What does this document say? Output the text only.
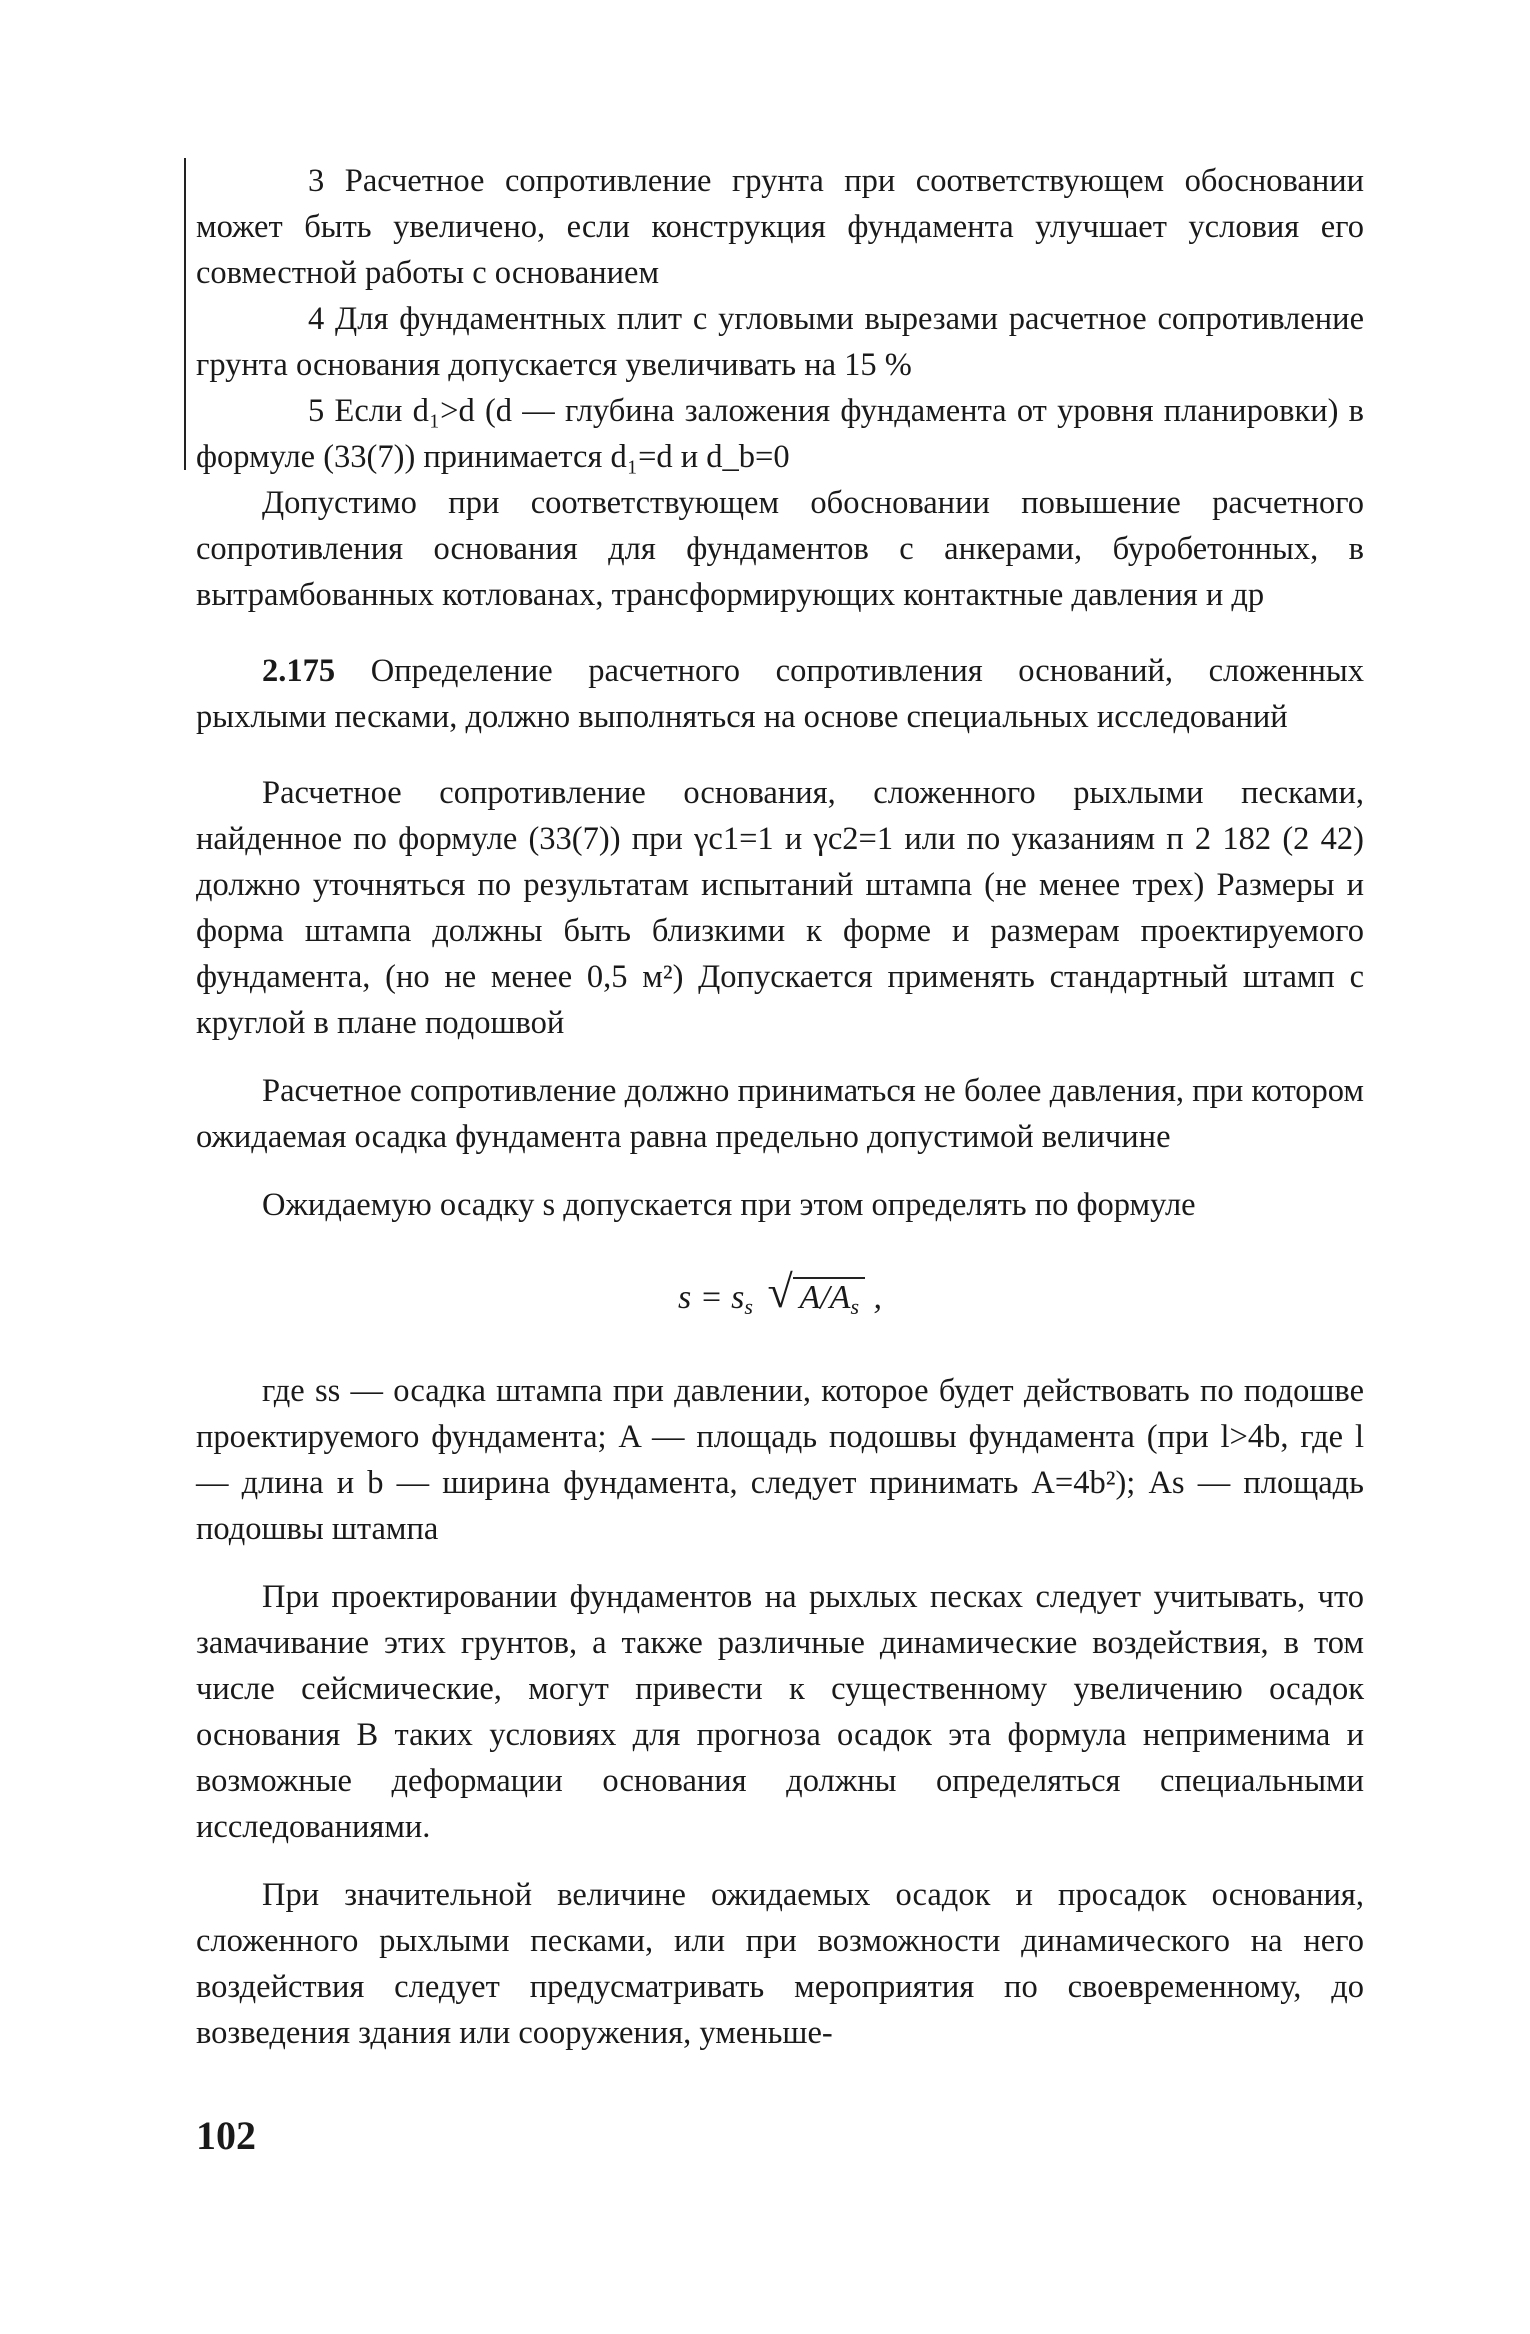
3 Расчетное сопротивление грунта при соответствующем обосновании может быть увеличено, если конструкция фундамента улучшает условия его совместной работы с основанием

4 Для фундаментных плит с угловыми вырезами расчетное сопротивление грунта основания допускается увеличивать на 15 %

5 Если d₁>d (d — глубина заложения фундамента от уровня планировки) в формуле (33(7)) принимается d₁=d и d_b=0

Допустимо при соответствующем обосновании повышение расчетного сопротивления основания для фундаментов с анкерами, буробетонных, в вытрамбованных котлованах, трансформирующих контактные давления и др

2.175 Определение расчетного сопротивления оснований, сложенных рыхлыми песками, должно выполняться на основе специальных исследований

Расчетное сопротивление основания, сложенного рыхлыми песками, найденное по формуле (33(7)) при γc1=1 и γc2=1 или по указаниям п 2 182 (2 42) должно уточняться по результатам испытаний штампа (не менее трех) Размеры и форма штампа должны быть близкими к форме и размерам проектируемого фундамента, (но не менее 0,5 м²) Допускается применять стандартный штамп с круглой в плане подошвой

Расчетное сопротивление должно приниматься не более давления, при котором ожидаемая осадка фундамента равна предельно допустимой величине

Ожидаемую осадку s допускается при этом определять по формуле

$s = s_s$ √ $A/A_s$ ,

где ss — осадка штампа при давлении, которое будет действовать по подошве проектируемого фундамента; A — площадь подошвы фундамента (при l>4b, где l — длина и b — ширина фундамента, следует принимать A=4b²); As — площадь подошвы штампа

При проектировании фундаментов на рыхлых песках следует учитывать, что замачивание этих грунтов, а также различные динамические воздействия, в том числе сейсмические, могут привести к существенному увеличению осадок основания В таких условиях для прогноза осадок эта формула неприменима и возможные деформации основания должны определяться специальными исследованиями.

При значительной величине ожидаемых осадок и просадок основания, сложенного рыхлыми песками, или при возможности динамического на него воздействия следует предусматривать мероприятия по своевременному, до возведения здания или сооружения, уменьше-

102
